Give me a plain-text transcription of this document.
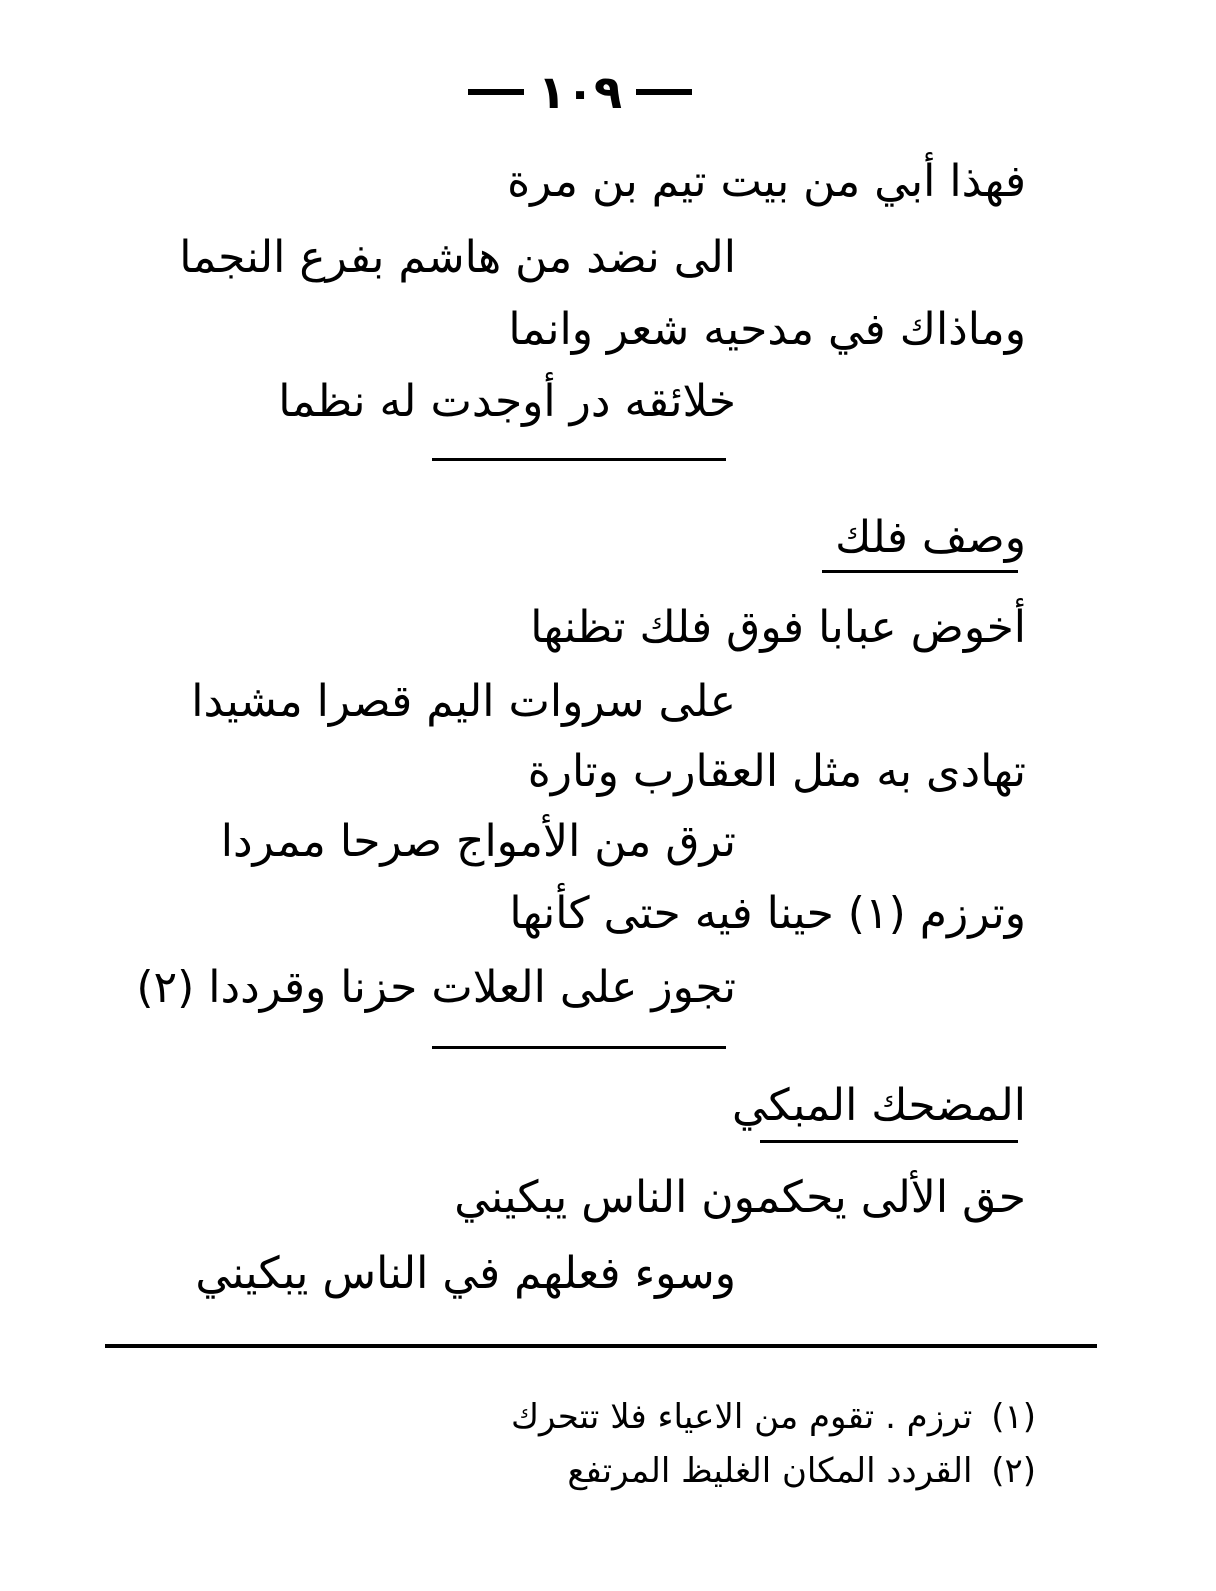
١٠٩
فهذا أبي من بيت تيم بن مرة
الى نضد من هاشم بفرع النجما
وماذاك في مدحيه شعر وانما
خلائقه در أوجدت له نظما
وصف فلك
أخوض عبابا فوق فلك تظنها
على سروات اليم قصرا مشيدا
تهادى به مثل العقارب وتارة
ترق من الأمواج صرحا ممردا
وترزم (١) حينا فيه حتى كأنها
تجوز على العلات حزنا وقرددا (٢)
المضحك المبكي
حق الألى يحكمون الناس يبكيني
وسوء فعلهم في الناس يبكيني
(١) ترزم . تقوم من الاعياء فلا تتحرك
(٢) القردد المكان الغليظ المرتفع
